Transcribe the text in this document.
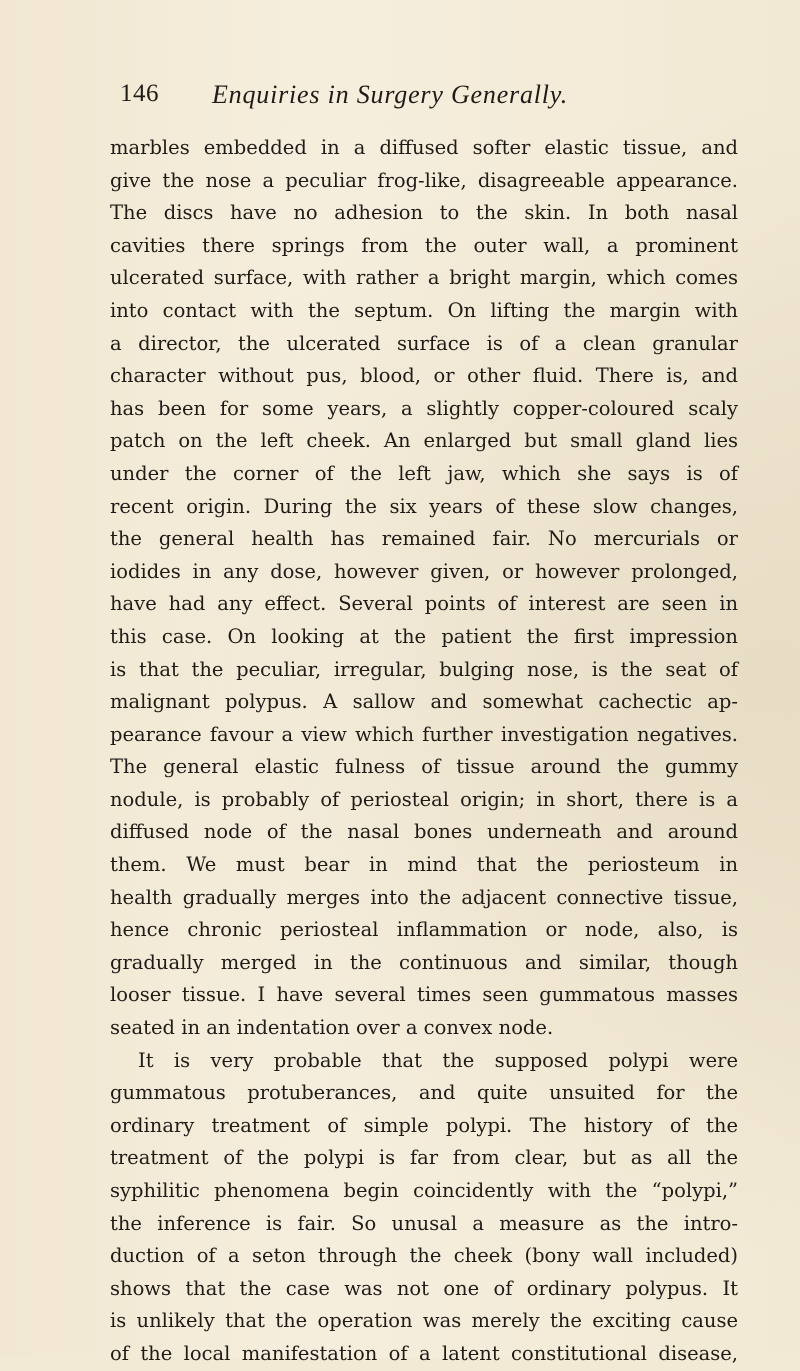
146 Enquiries in Surgery Generally.
marbles embedded in a diffused softer elastic tissue, and
give the nose a peculiar frog-like, disagreeable appearance.
The discs have no adhesion to the skin. In both nasal
cavities there springs from the outer wall, a prominent
ulcerated surface, with rather a bright margin, which comes
into contact with the septum. On lifting the margin with
a director, the ulcerated surface is of a clean granular
character without pus, blood, or other fluid. There is, and
has been for some years, a slightly copper-coloured scaly
patch on the left cheek. An enlarged but small gland lies
under the corner of the left jaw, which she says is of
recent origin. During the six years of these slow changes,
the general health has remained fair. No mercurials or
iodides in any dose, however given, or however prolonged,
have had any effect. Several points of interest are seen in
this case. On looking at the patient the first impression
is that the peculiar, irregular, bulging nose, is the seat of
malignant polypus. A sallow and somewhat cachectic ap-
pearance favour a view which further investigation negatives.
The general elastic fulness of tissue around the gummy
nodule, is probably of periosteal origin; in short, there is a
diffused node of the nasal bones underneath and around
them. We must bear in mind that the periosteum in
health gradually merges into the adjacent connective tissue,
hence chronic periosteal inflammation or node, also, is
gradually merged in the continuous and similar, though
looser tissue. I have several times seen gummatous masses
seated in an indentation over a convex node.
It is very probable that the supposed polypi were
gummatous protuberances, and quite unsuited for the
ordinary treatment of simple polypi. The history of the
treatment of the polypi is far from clear, but as all the
syphilitic phenomena begin coincidently with the “polypi,”
the inference is fair. So unusal a measure as the intro-
duction of a seton through the cheek (bony wall included)
shows that the case was not one of ordinary polypus. It
is unlikely that the operation was merely the exciting cause
of the local manifestation of a latent constitutional disease,
